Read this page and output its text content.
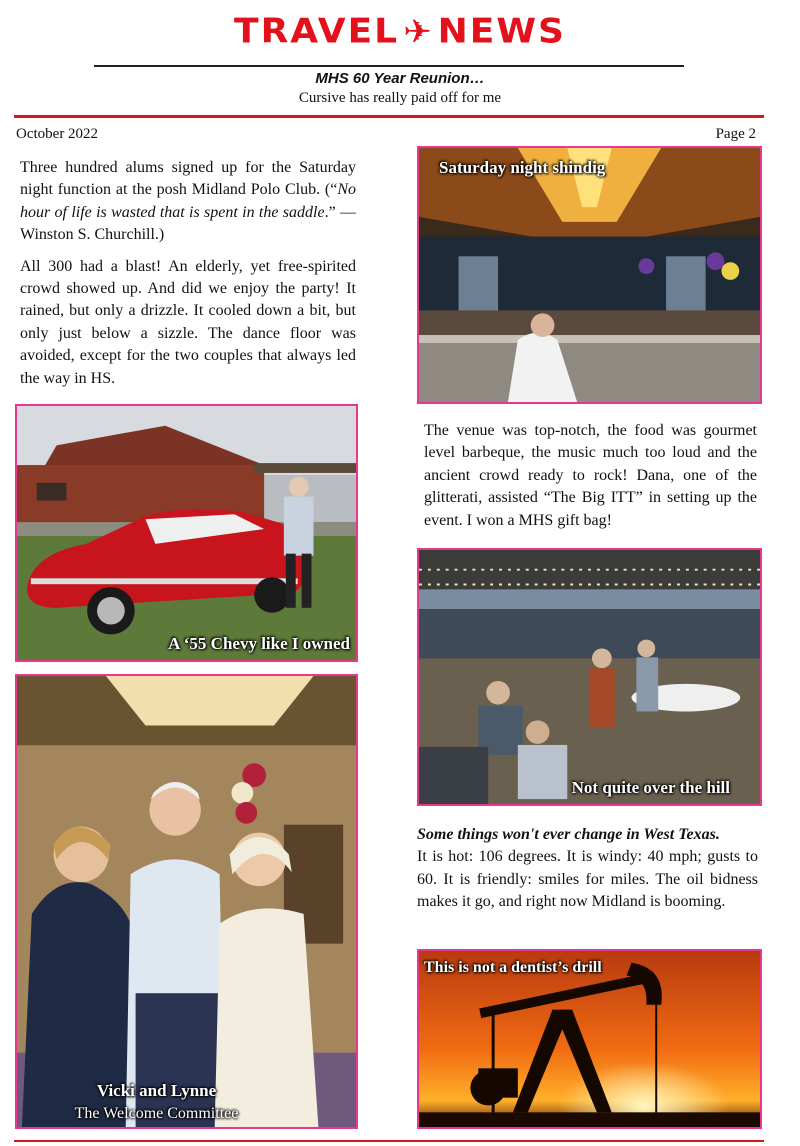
TRAVEL ✈ NEWS
MHS 60 Year Reunion…
Cursive has really paid off for me
October 2022	Page 2

Three hundred alums signed up for the Saturday night function at the posh Midland Polo Club. (“No hour of life is wasted that is spent in the saddle.” — Winston S. Churchill.)

All 300 had a blast! An elderly, yet free-spirited crowd showed up. And did we enjoy the party! It rained, but only a drizzle. It cooled down a bit, but only just below a sizzle. The dance floor was avoided, except for the two couples that always led the way in HS.

A ‘55 Chevy like I owned
Vicki and Lynne
The Welcome Committee
Saturday night shindig

The venue was top-notch, the food was gourmet level barbeque, the music much too loud and the ancient crowd ready to rock! Dana, one of the glitterati, assisted “The Big ITT” in setting up the event. I won a MHS gift bag!

Not quite over the hill

Some things won't ever change in West Texas.
It is hot: 106 degrees. It is windy: 40 mph; gusts to 60. It is friendly: smiles for miles. The oil bidness makes it go, and right now Midland is booming.

This is not a dentist’s drill
